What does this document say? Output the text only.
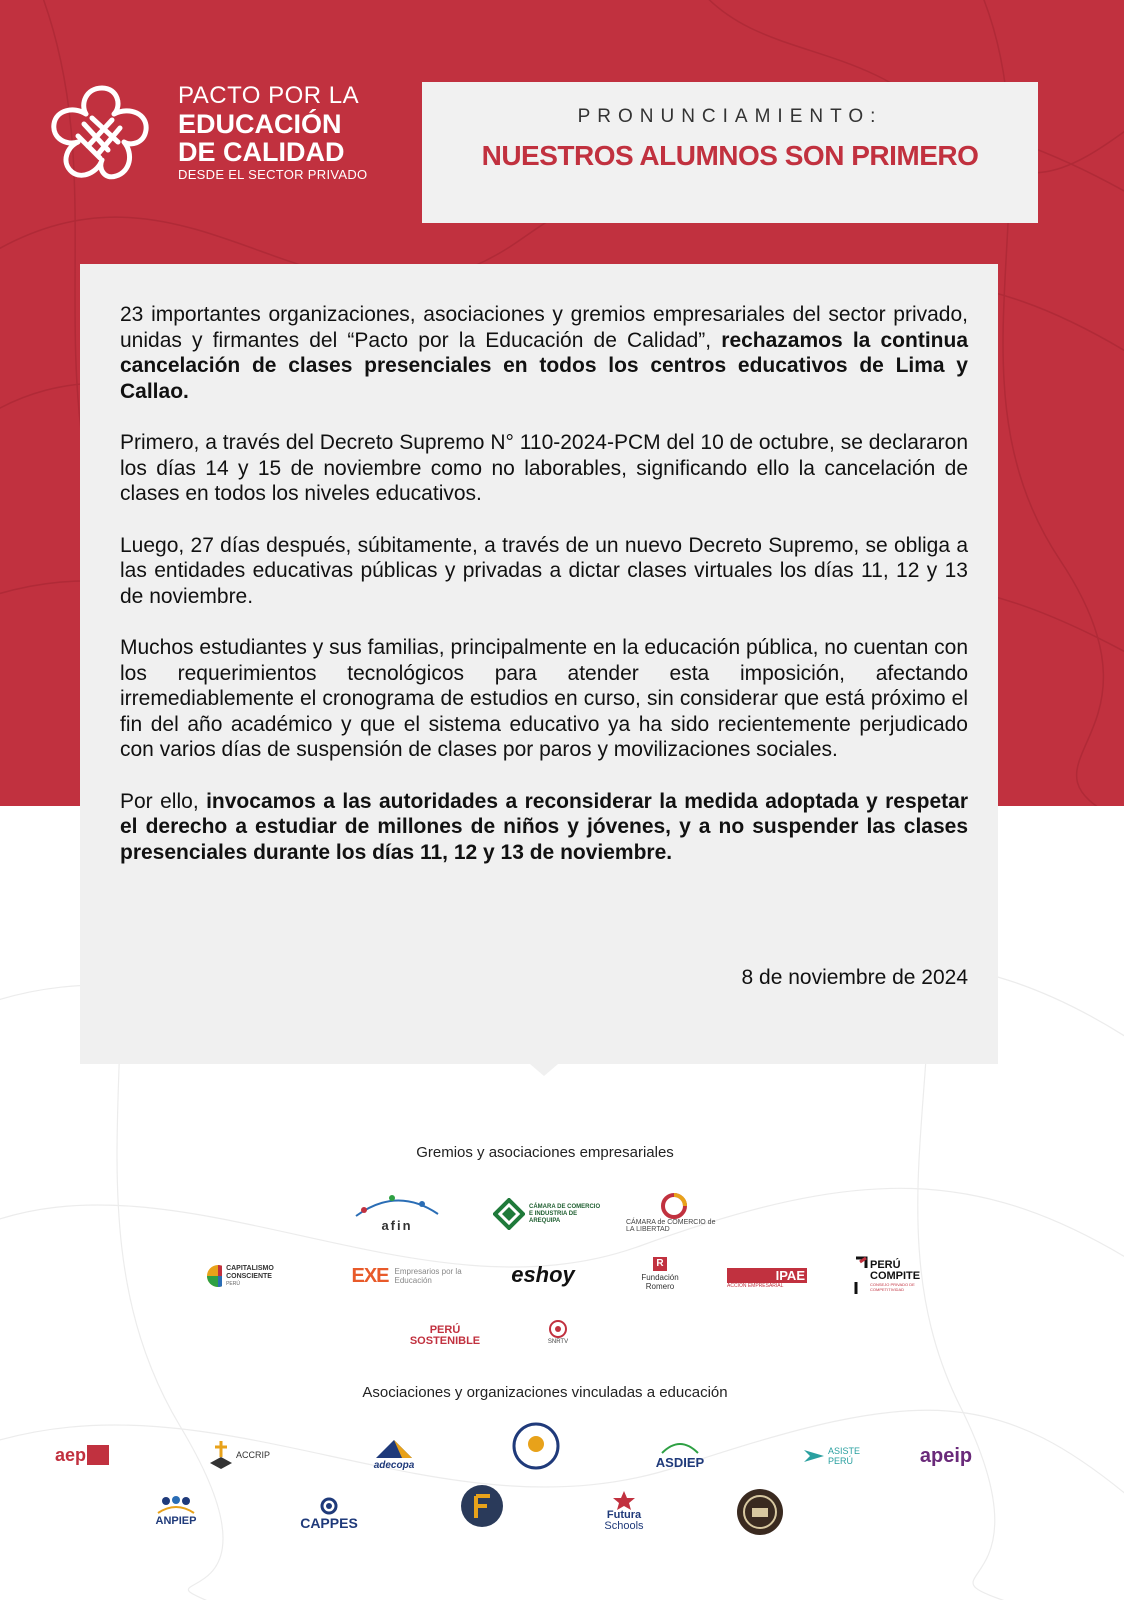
PACTO POR LA
EDUCACIÓN
DE CALIDAD
DESDE EL SECTOR PRIVADO
PRONUNCIAMIENTO:
NUESTROS ALUMNOS SON PRIMERO

23 importantes organizaciones, asociaciones y gremios empresariales del sector privado, unidas y firmantes del “Pacto por la Educación de Calidad”, rechazamos la continua cancelación de clases presenciales en todos los centros educativos de Lima y Callao.

Primero, a través del Decreto Supremo N° 110-2024-PCM del 10 de octubre, se declararon los días 14 y 15 de noviembre como no laborables, significando ello la cancelación de clases en todos los niveles educativos.

Luego, 27 días después, súbitamente, a través de un nuevo Decreto Supremo, se obliga a las entidades educativas públicas y privadas a dictar clases virtuales los días 11, 12 y 13 de noviembre.

Muchos estudiantes y sus familias, principalmente en la educación pública, no cuentan con los requerimientos tecnológicos para atender esta imposición, afectando irremediablemente el cronograma de estudios en curso, sin considerar que está próximo el fin del año académico y que el sistema educativo ya ha sido recientemente perjudicado con varios días de suspensión de clases por paros y movilizaciones sociales.

Por ello, invocamos a las autoridades a reconsiderar la medida adoptada y respetar el derecho a estudiar de millones de niños y jóvenes, y a no suspender las clases presenciales durante los días 11, 12 y 13 de noviembre.

8 de noviembre de 2024
Gremios y asociaciones empresariales
afin
CÁMARA DE COMERCIO E INDUSTRIA DE AREQUIPA	CÁMARA de COMERCIO de LA LIBERTAD
CAPITALISMO CONSCIENTE
PERÚ	EXE Empresarios por la Educación	eshoy	R
Fundación Romero
IPAE
ACCIÓN EMPRESARIAL
PERÚ COMPITE
CONSEJO PRIVADO DE COMPETITIVIDAD
PERÚ SOSTENIBLE	SNRTV
Asociaciones y organizaciones vinculadas a educación
aep	ACCRIP
adecopa	ASDIEP
ASISTE PERÚ	apeip
ANPIEP	CAPPES	Futura
Schools
